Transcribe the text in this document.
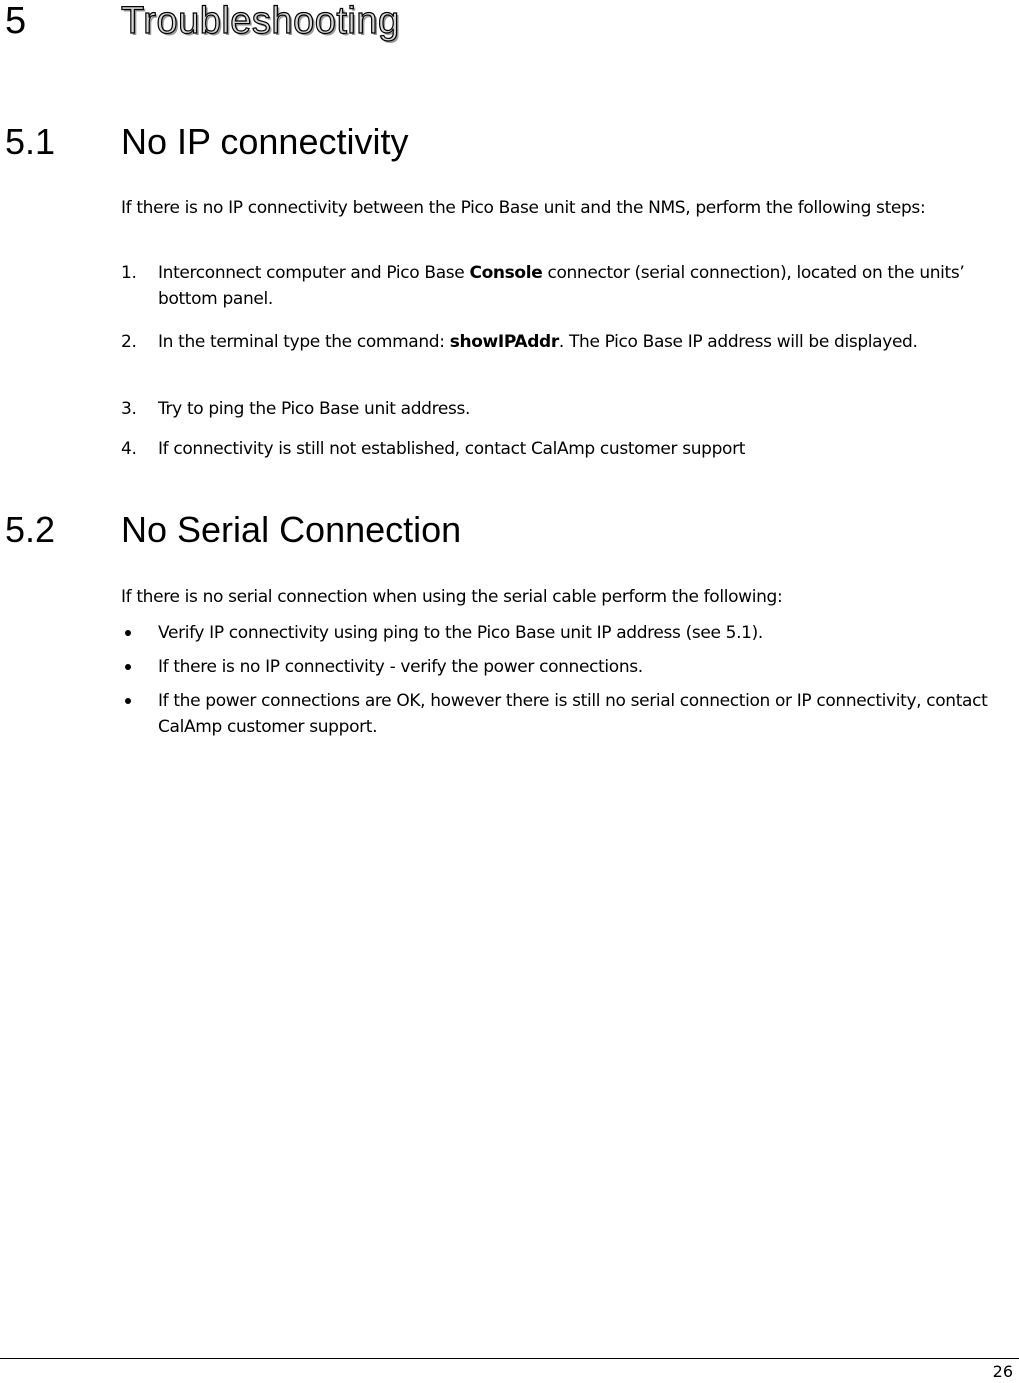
5 Troubleshooting
5.1 No IP connectivity
If there is no IP connectivity between the Pico Base unit and the NMS, perform the following steps:
1. Interconnect computer and Pico Base Console connector (serial connection), located on the units’ bottom panel.
2. In the terminal type the command: showIPAddr. The Pico Base IP address will be displayed.
3. Try to ping the Pico Base unit address.
4. If connectivity is still not established, contact CalAmp customer support
5.2 No Serial Connection
If there is no serial connection when using the serial cable perform the following:
Verify IP connectivity using ping to the Pico Base unit IP address (see 5.1).
If there is no IP connectivity - verify the power connections.
If the power connections are OK, however there is still no serial connection or IP connectivity, contact CalAmp customer support.
26
